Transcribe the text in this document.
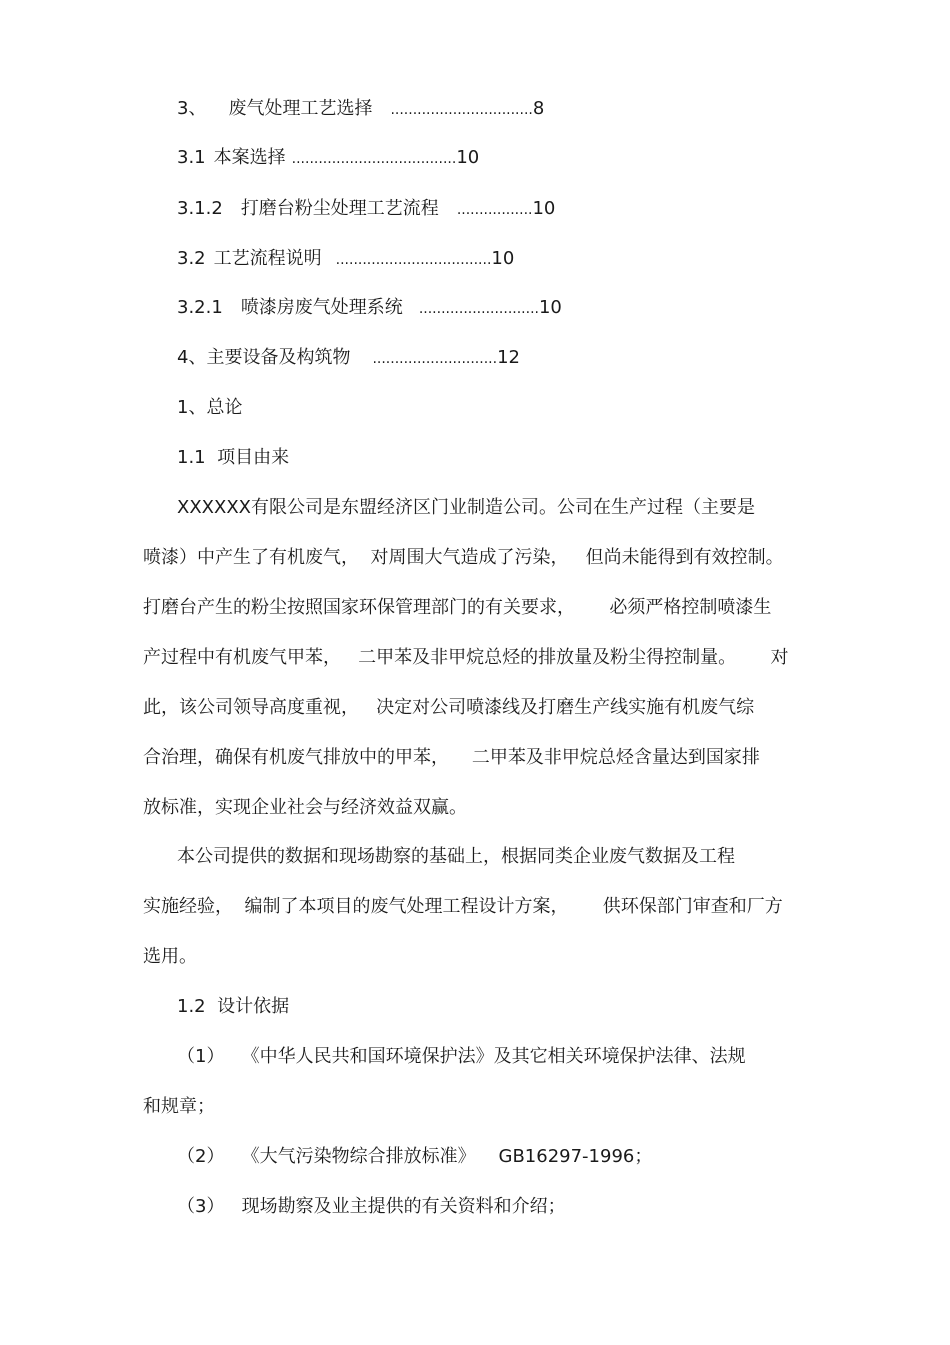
3、 废气处理工艺选择 ................................8
3.1 本案选择 .....................................10
3.1.2 打磨台粉尘处理工艺流程 .................10
3.2 工艺流程说明 ...................................10
3.2.1 喷漆房废气处理系统 ...........................10
4、主要设备及构筑物 ............................12
1、总论
1.1  项目由来
XXXXXX有限公司是东盟经济区门业制造公司。公司在生产过程（主要是
喷漆）中产生了有机废气，  对周围大气造成了污染，   但尚未能得到有效控制。
打磨台产生的粉尘按照国家环保管理部门的有关要求，      必须严格控制喷漆生
产过程中有机废气甲苯，   二甲苯及非甲烷总烃的排放量及粉尘得控制量。      对
此，该公司领导高度重视，   决定对公司喷漆线及打磨生产线实施有机废气综
合治理，确保有机废气排放中的甲苯，    二甲苯及非甲烷总烃含量达到国家排
放标准，实现企业社会与经济效益双赢。
本公司提供的数据和现场勘察的基础上，根据同类企业废气数据及工程
实施经验，  编制了本项目的废气处理工程设计方案，      供环保部门审查和厂方
选用。
1.2  设计依据
（1）   《中华人民共和国环境保护法》及其它相关环境保护法律、法规
和规章；
（2）   《大气污染物综合排放标准》    GB16297-1996；
（3）   现场勘察及业主提供的有关资料和介绍；
